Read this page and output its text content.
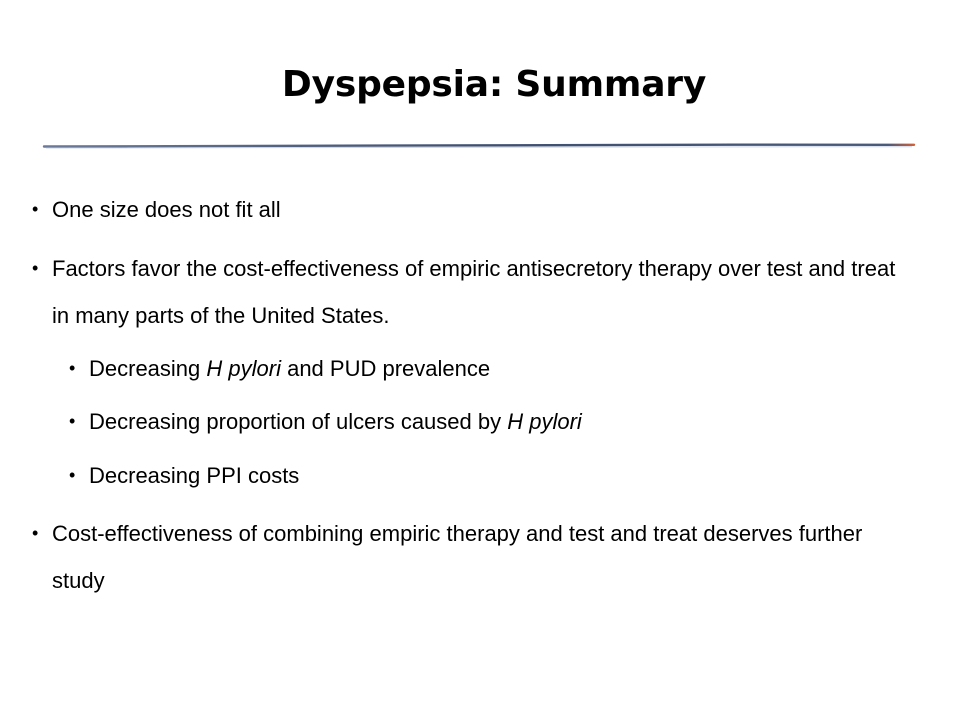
Dyspepsia: Summary
• One size does not fit all
• Factors favor the cost-effectiveness of empiric antisecretory therapy over test and treat in many parts of the United States.
• Decreasing H pylori and PUD prevalence
• Decreasing proportion of ulcers caused by H pylori
• Decreasing PPI costs
• Cost-effectiveness of combining empiric therapy and test and treat deserves further study
